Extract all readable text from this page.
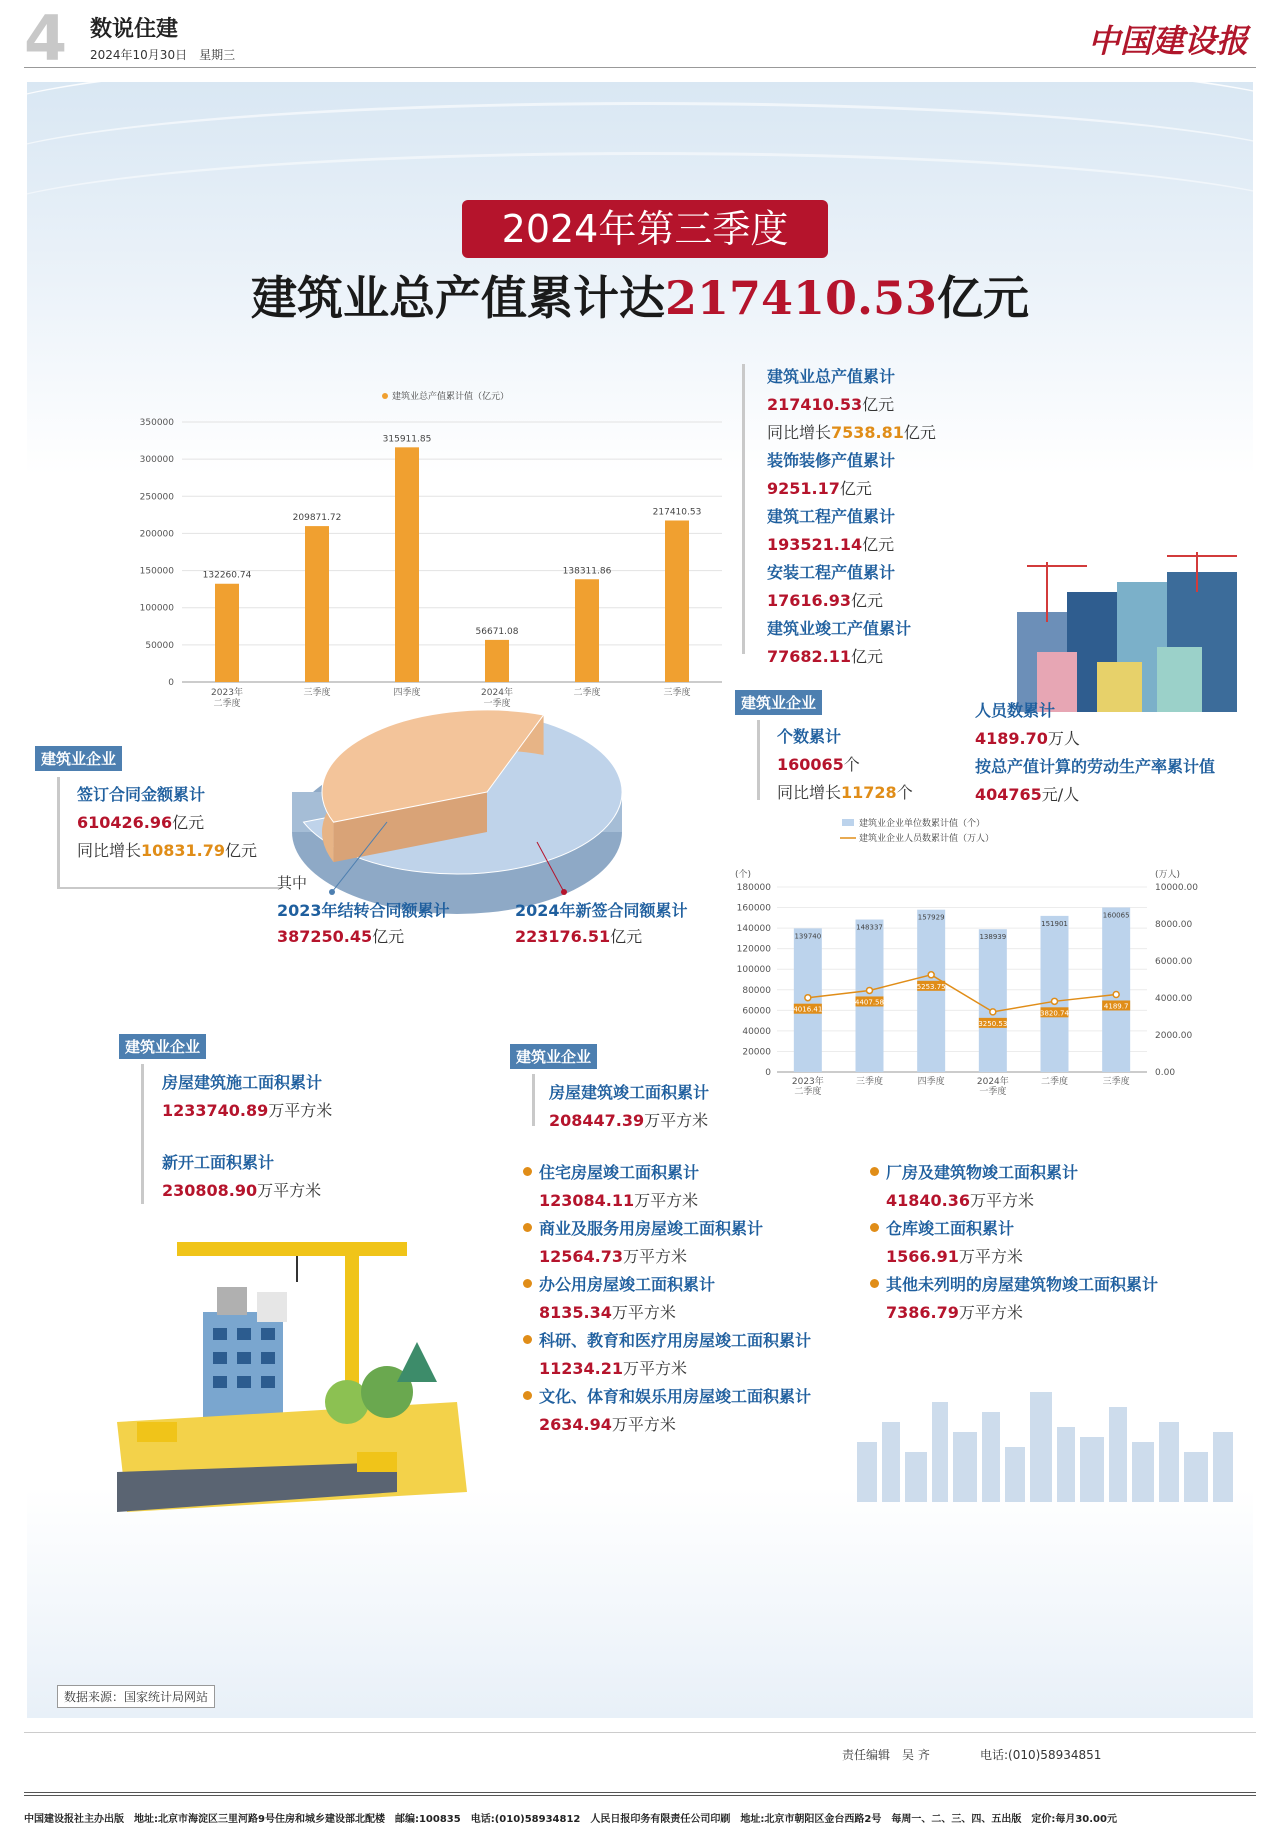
4 数说住建
2024年10月30日　星期三	中国建设报
2024年第三季度
建筑业总产值累计达217410.53亿元
建筑业总产值累计值（亿元）
0
50000
100000
150000
200000
250000
300000
350000
132260.74
2023年
二季度
209871.72
三季度
315911.85
四季度
56671.08
2024年
一季度
138311.86
二季度
217410.53
三季度
建筑业总产值累计
217410.53亿元
同比增长7538.81亿元
装饰装修产值累计
9251.17亿元
建筑工程产值累计
193521.14亿元
安装工程产值累计
17616.93亿元
建筑业竣工产值累计
77682.11亿元
建筑业企业
签订合同金额累计
610426.96亿元
同比增长10831.79亿元
其中
2023年结转合同额累计
387250.45亿元
2024年新签合同额累计
223176.51亿元
建筑业企业
个数累计
160065个
同比增长11728个
人员数累计
4189.70万人
按总产值计算的劳动生产率累计值
404765元/人
建筑业企业单位数累计值（个）
建筑业企业人员数累计值（万人）
(个)	(万人)
0
20000
40000
60000
80000
100000
120000
140000
160000
180000
0.00
2000.00
4000.00
6000.00
8000.00
10000.00
139740
2023年
二季度
148337
三季度
157929
四季度
138939
2024年
一季度
151901
二季度
160065
三季度
4016.41
4407.58
5253.75
3250.53
3820.74
4189.7
建筑业企业
房屋建筑施工面积累计
1233740.89万平方米
新开工面积累计
230808.90万平方米
建筑业企业
房屋建筑竣工面积累计
208447.39万平方米
住宅房屋竣工面积累计
123084.11万平方米
商业及服务用房屋竣工面积累计
12564.73万平方米
办公用房屋竣工面积累计
8135.34万平方米
科研、教育和医疗用房屋竣工面积累计
11234.21万平方米
文化、体育和娱乐用房屋竣工面积累计
2634.94万平方米
厂房及建筑物竣工面积累计
41840.36万平方米
仓库竣工面积累计
1566.91万平方米
其他未列明的房屋建筑物竣工面积累计
7386.79万平方米
数据来源：国家统计局网站
责任编辑　吴 齐	电话:(010)58934851
中国建设报社主办出版　地址:北京市海淀区三里河路9号住房和城乡建设部北配楼　邮编:100835　电话:(010)58934812　人民日报印务有限责任公司印刷　地址:北京市朝阳区金台西路2号　每周一、二、三、四、五出版　定价:每月30.00元
